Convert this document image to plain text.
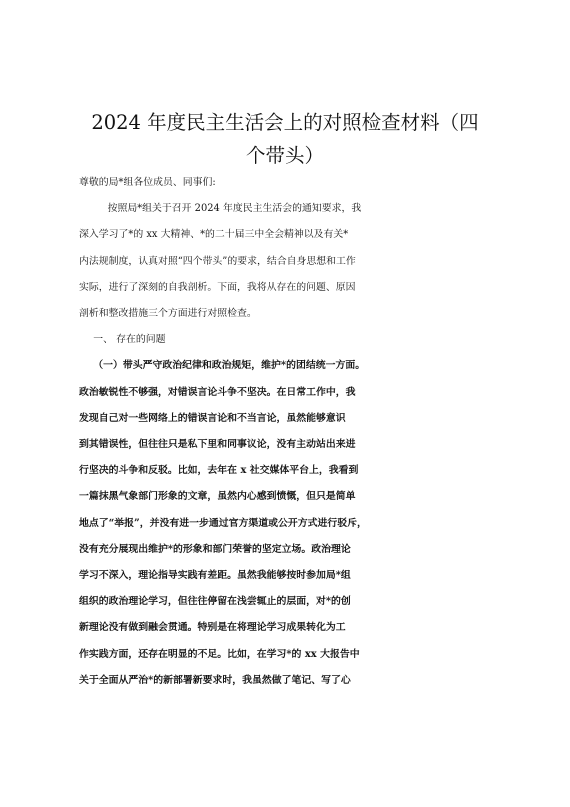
2024 年度民主生活会上的对照检查材料（四
个带头）
尊敬的局*组各位成员、同事们:
按照局*组关于召开 2024 年度民主生活会的通知要求，我
深入学习了*的 xx 大精神、*的二十届三中全会精神以及有关*
内法规制度，认真对照“四个带头”的要求，结合自身思想和工作
实际，进行了深刻的自我剖析。下面，我将从存在的问题、原因
剖析和整改措施三个方面进行对照检查。
一、 存在的问题
（一）带头严守政治纪律和政治规矩，维护*的团结统一方面。
政治敏锐性不够强，对错误言论斗争不坚决。在日常工作中，我
发现自己对一些网络上的错误言论和不当言论，虽然能够意识
到其错误性，但往往只是私下里和同事议论，没有主动站出来进
行坚决的斗争和反驳。比如，去年在 x 社交媒体平台上，我看到
一篇抹黑气象部门形象的文章，虽然内心感到愤慨，但只是简单
地点了“举报”，并没有进一步通过官方渠道或公开方式进行驳斥，
没有充分展现出维护*的形象和部门荣誉的坚定立场。政治理论
学习不深入，理论指导实践有差距。虽然我能够按时参加局*组
组织的政治理论学习，但往往停留在浅尝辄止的层面，对*的创
新理论没有做到融会贯通。特别是在将理论学习成果转化为工
作实践方面，还存在明显的不足。比如，在学习*的 xx 大报告中
关于全面从严治*的新部署新要求时，我虽然做了笔记、写了心
